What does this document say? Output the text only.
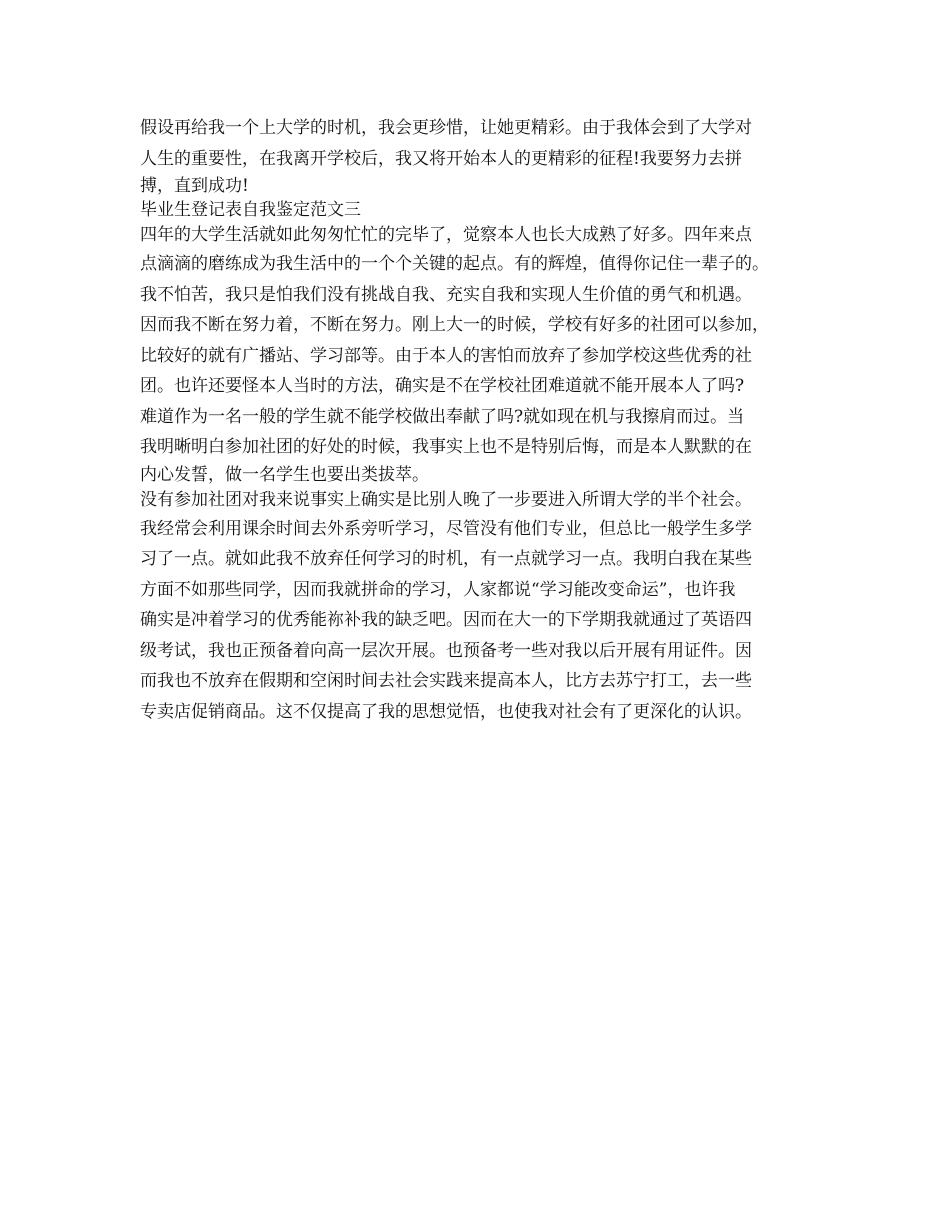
假设再给我一个上大学的时机，我会更珍惜，让她更精彩。由于我体会到了大学对
人生的重要性，在我离开学校后，我又将开始本人的更精彩的征程!我要努力去拼
搏，直到成功!
毕业生登记表自我鉴定范文三
四年的大学生活就如此匆匆忙忙的完毕了，觉察本人也长大成熟了好多。四年来点
点滴滴的磨练成为我生活中的一个个关键的起点。有的辉煌，值得你记住一辈子的。
我不怕苦，我只是怕我们没有挑战自我、充实自我和实现人生价值的勇气和机遇。
因而我不断在努力着，不断在努力。刚上大一的时候，学校有好多的社团可以参加，
比较好的就有广播站、学习部等。由于本人的害怕而放弃了参加学校这些优秀的社
团。也许还要怪本人当时的方法，确实是不在学校社团难道就不能开展本人了吗?
难道作为一名一般的学生就不能学校做出奉献了吗?就如现在机与我擦肩而过。当
我明晰明白参加社团的好处的时候，我事实上也不是特别后悔，而是本人默默的在
内心发誓，做一名学生也要出类拔萃。
没有参加社团对我来说事实上确实是比别人晚了一步要进入所谓大学的半个社会。
我经常会利用课余时间去外系旁听学习，尽管没有他们专业，但总比一般学生多学
习了一点。就如此我不放弃任何学习的时机，有一点就学习一点。我明白我在某些
方面不如那些同学，因而我就拼命的学习，人家都说“学习能改变命运”，也许我
确实是冲着学习的优秀能祢补我的缺乏吧。因而在大一的下学期我就通过了英语四
级考试，我也正预备着向高一层次开展。也预备考一些对我以后开展有用证件。因
而我也不放弃在假期和空闲时间去社会实践来提高本人，比方去苏宁打工，去一些
专卖店促销商品。这不仅提高了我的思想觉悟，也使我对社会有了更深化的认识。
